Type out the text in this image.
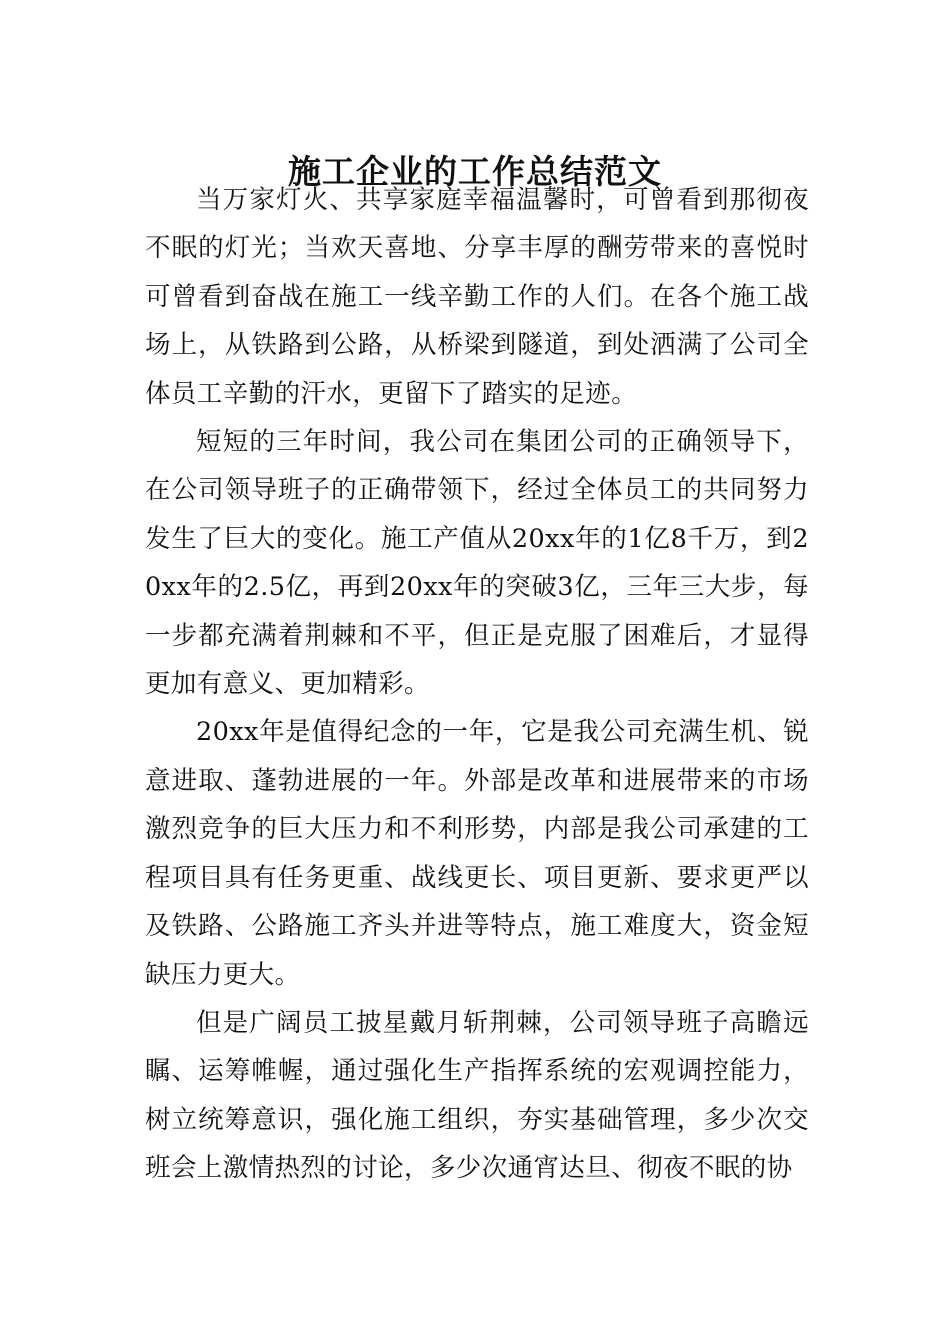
施工企业的工作总结范文

当万家灯火、共享家庭幸福温馨时，可曾看到那彻夜不眠的灯光；当欢天喜地、分享丰厚的酬劳带来的喜悦时可曾看到奋战在施工一线辛勤工作的人们。在各个施工战场上，从铁路到公路，从桥梁到隧道，到处洒满了公司全体员工辛勤的汗水，更留下了踏实的足迹。

短短的三年时间，我公司在集团公司的正确领导下，在公司领导班子的正确带领下，经过全体员工的共同努力发生了巨大的变化。施工产值从20xx年的1亿8千万，到20xx年的2.5亿，再到20xx年的突破3亿，三年三大步，每一步都充满着荆棘和不平，但正是克服了困难后，才显得更加有意义、更加精彩。

20xx年是值得纪念的一年，它是我公司充满生机、锐意进取、蓬勃进展的一年。外部是改革和进展带来的市场激烈竞争的巨大压力和不利形势，内部是我公司承建的工程项目具有任务更重、战线更长、项目更新、要求更严以及铁路、公路施工齐头并进等特点，施工难度大，资金短缺压力更大。

但是广阔员工披星戴月斩荆棘，公司领导班子高瞻远瞩、运筹帷幄，通过强化生产指挥系统的宏观调控能力，树立统筹意识，强化施工组织，夯实基础管理，多少次交班会上激情热烈的讨论，多少次通宵达旦、彻夜不眠的协
